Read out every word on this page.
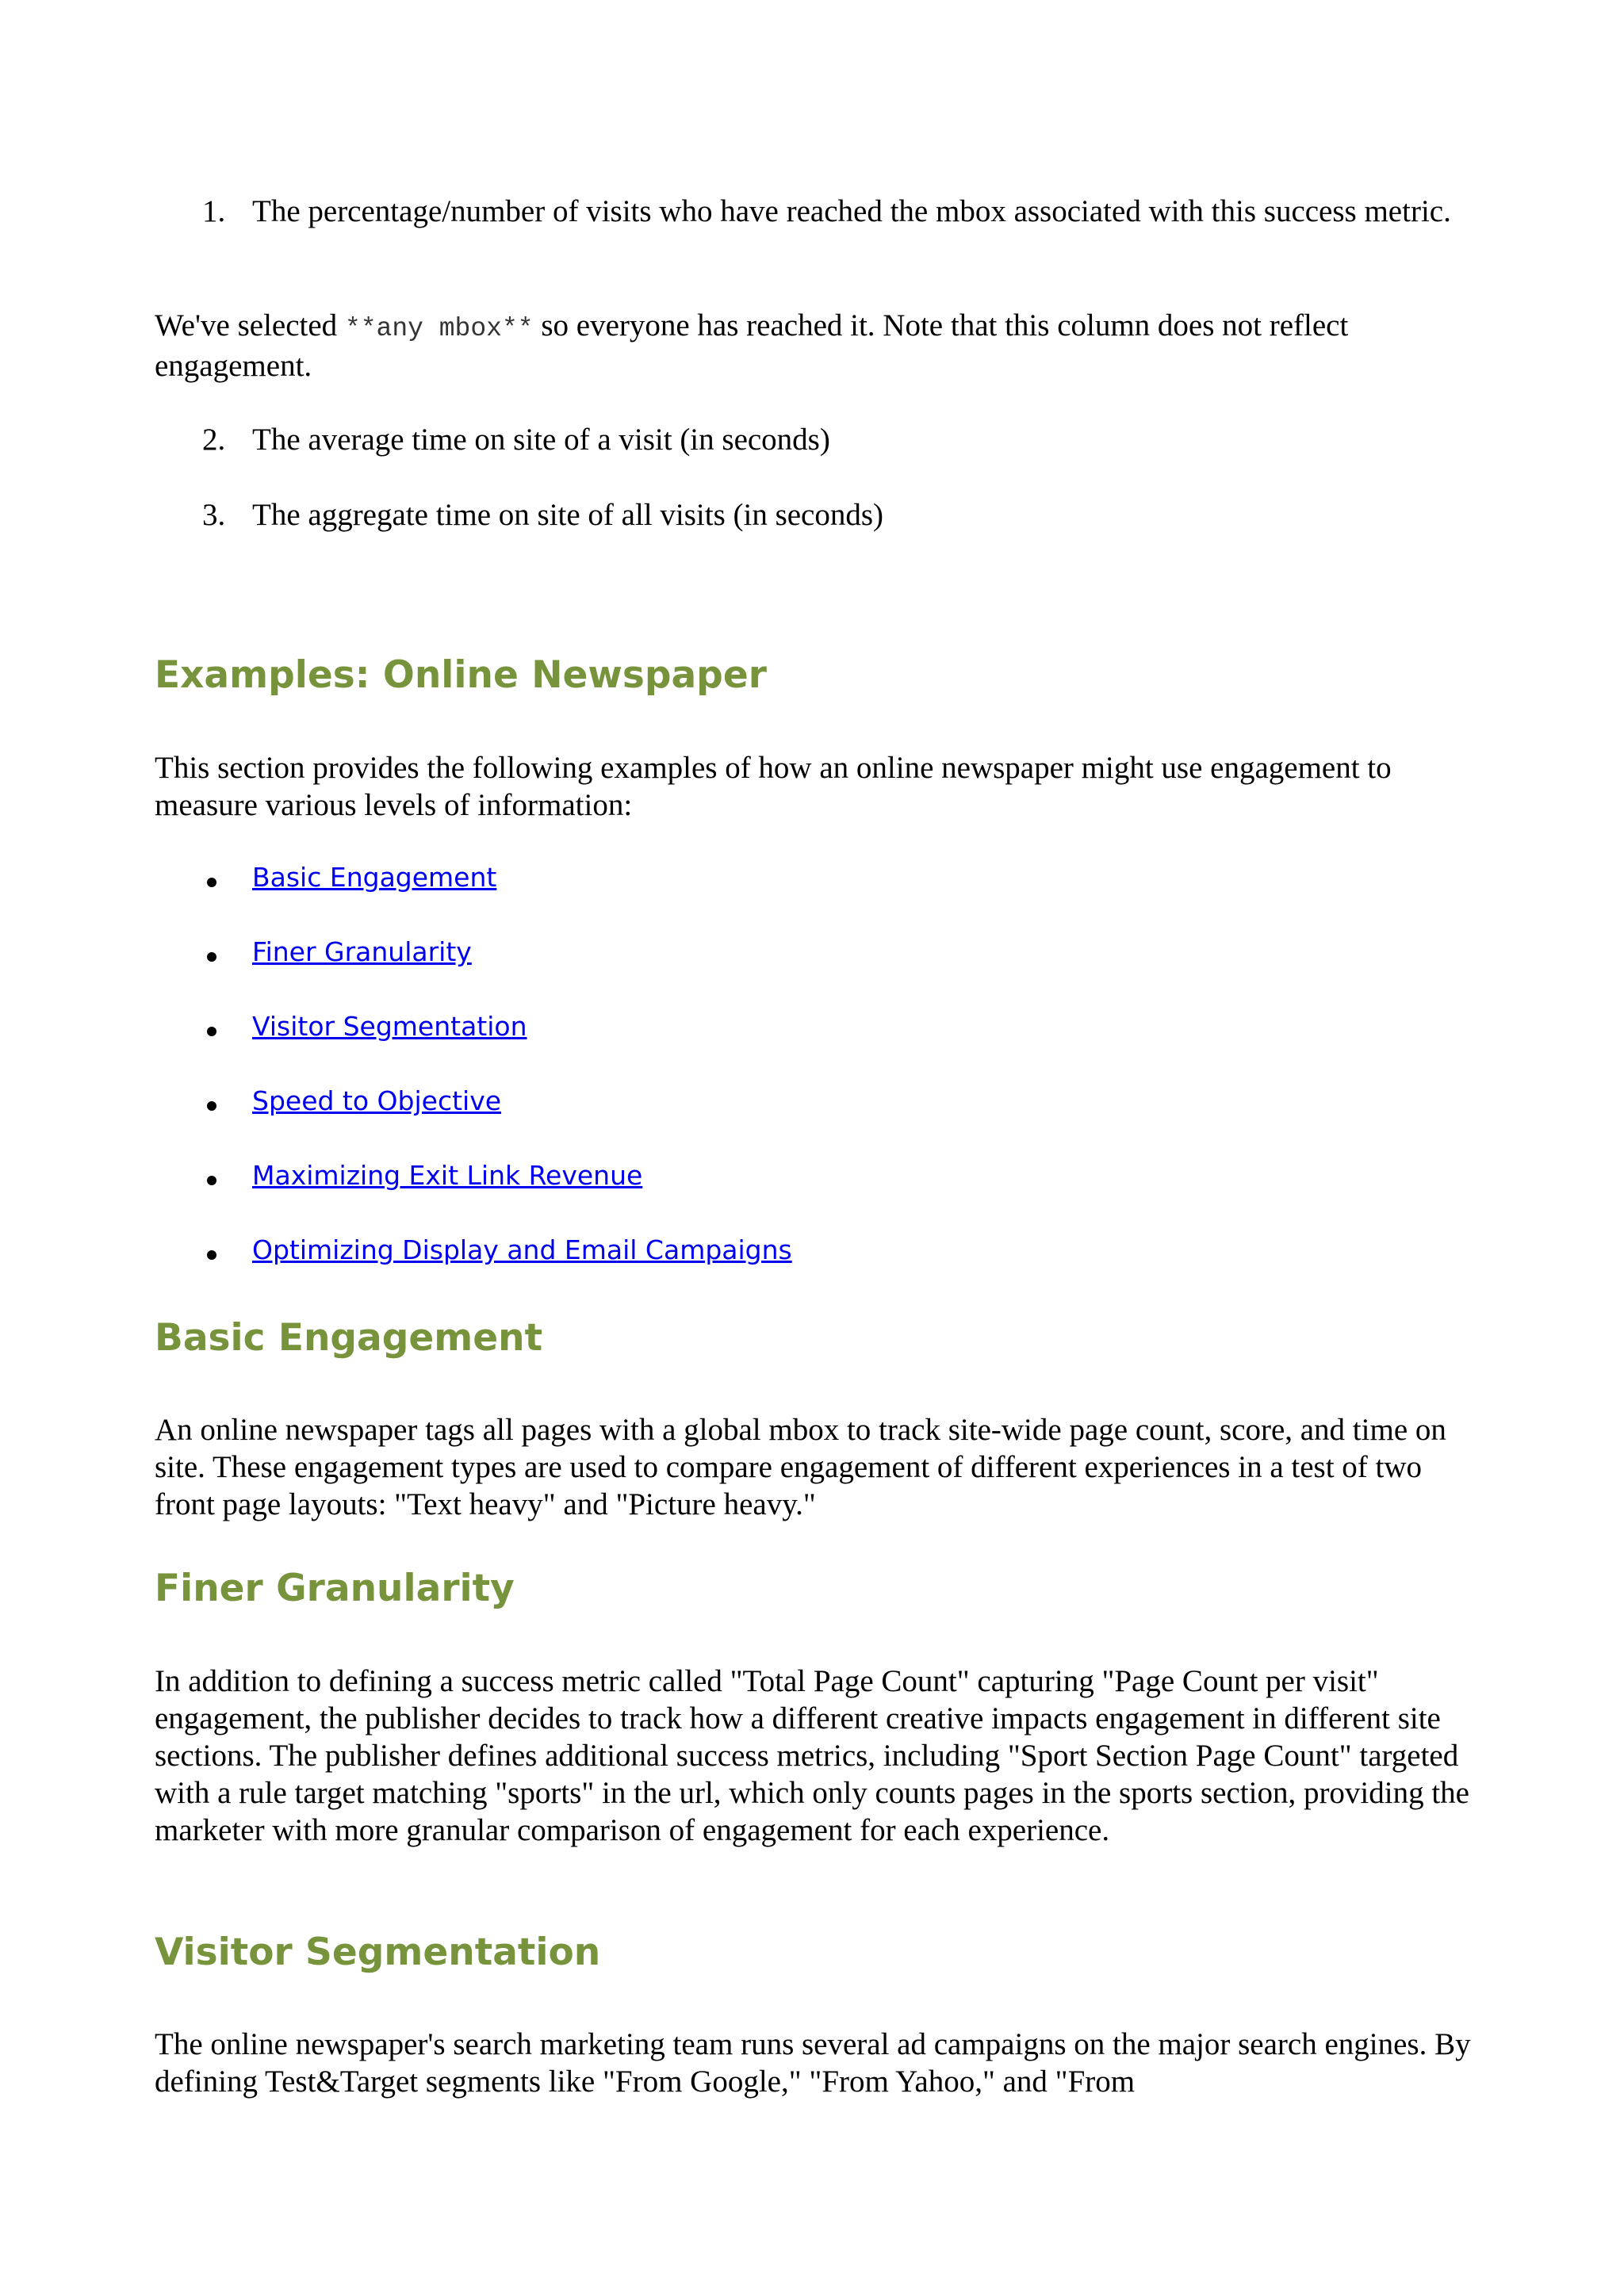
1. The percentage/number of visits who have reached the mbox associated with this success metric.

We've selected **any mbox** so everyone has reached it. Note that this column does not reflect engagement.

2. The average time on site of a visit (in seconds)
3. The aggregate time on site of all visits (in seconds)
Examples: Online Newspaper

This section provides the following examples of how an online newspaper might use engagement to measure various levels of information:

Basic Engagement
Finer Granularity
Visitor Segmentation
Speed to Objective
Maximizing Exit Link Revenue
Optimizing Display and Email Campaigns
Basic Engagement

An online newspaper tags all pages with a global mbox to track site-wide page count, score, and time on site. These engagement types are used to compare engagement of different experiences in a test of two front page layouts: "Text heavy" and "Picture heavy."

Finer Granularity

In addition to defining a success metric called "Total Page Count" capturing "Page Count per visit" engagement, the publisher decides to track how a different creative impacts engagement in different site sections. The publisher defines additional success metrics, including "Sport Section Page Count" targeted with a rule target matching "sports" in the url, which only counts pages in the sports section, providing the marketer with more granular comparison of engagement for each experience.

Visitor Segmentation

The online newspaper's search marketing team runs several ad campaigns on the major search engines. By defining Test&Target segments like "From Google," "From Yahoo," and "From
